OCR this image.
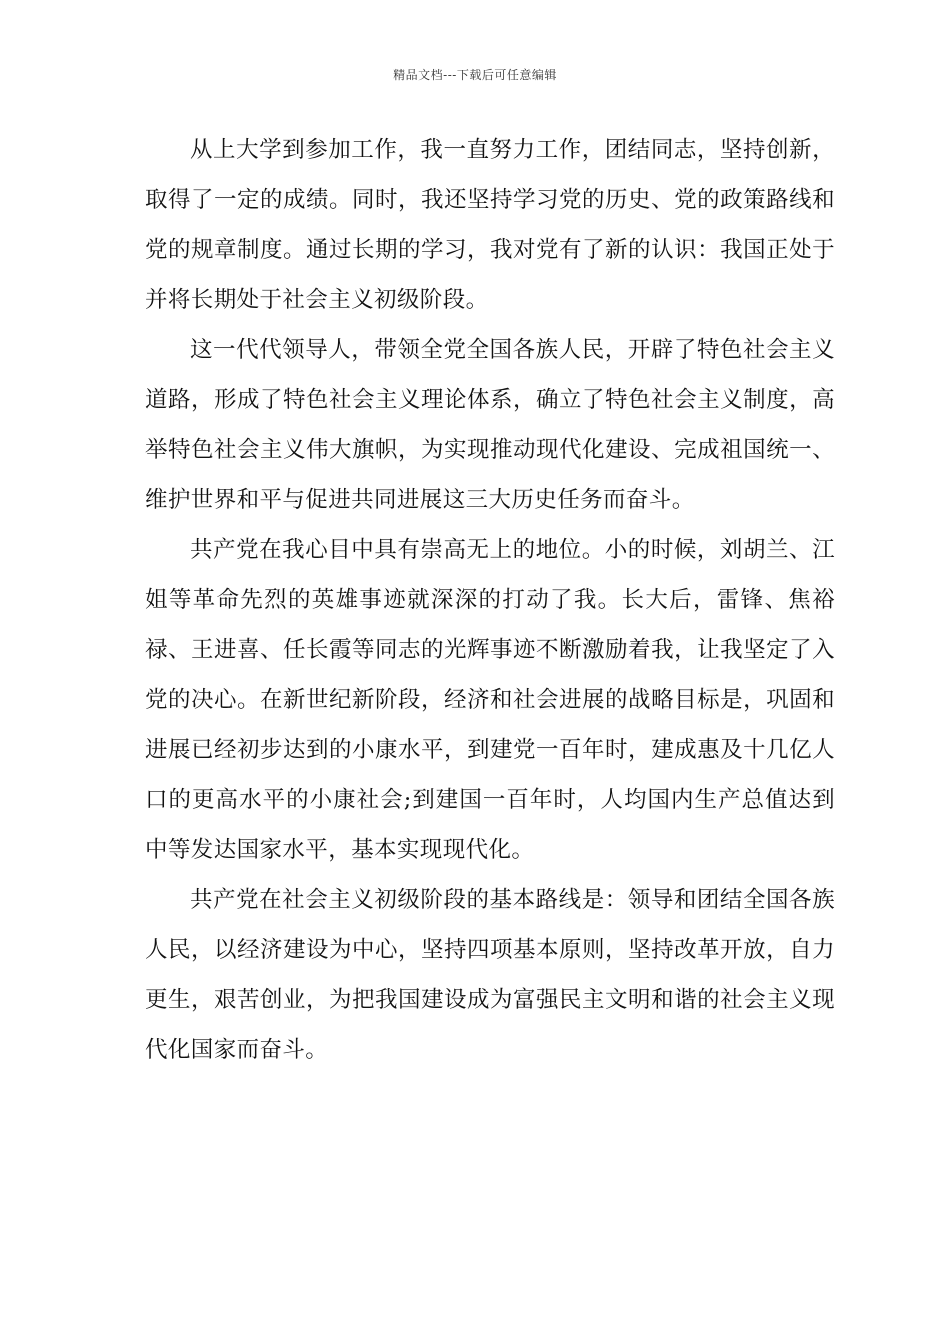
精品文档---下载后可任意编辑

从上大学到参加工作，我一直努力工作，团结同志，坚持创新，取得了一定的成绩。同时，我还坚持学习党的历史、党的政策路线和党的规章制度。通过长期的学习，我对党有了新的认识：我国正处于并将长期处于社会主义初级阶段。

这一代代领导人，带领全党全国各族人民，开辟了特色社会主义道路，形成了特色社会主义理论体系，确立了特色社会主义制度，高举特色社会主义伟大旗帜，为实现推动现代化建设、完成祖国统一、维护世界和平与促进共同进展这三大历史任务而奋斗。

共产党在我心目中具有崇高无上的地位。小的时候，刘胡兰、江姐等革命先烈的英雄事迹就深深的打动了我。长大后，雷锋、焦裕禄、王进喜、任长霞等同志的光辉事迹不断激励着我，让我坚定了入党的决心。在新世纪新阶段，经济和社会进展的战略目标是，巩固和进展已经初步达到的小康水平，到建党一百年时，建成惠及十几亿人口的更高水平的小康社会;到建国一百年时，人均国内生产总值达到中等发达国家水平，基本实现现代化。

共产党在社会主义初级阶段的基本路线是：领导和团结全国各族人民，以经济建设为中心，坚持四项基本原则，坚持改革开放，自力更生，艰苦创业，为把我国建设成为富强民主文明和谐的社会主义现代化国家而奋斗。
